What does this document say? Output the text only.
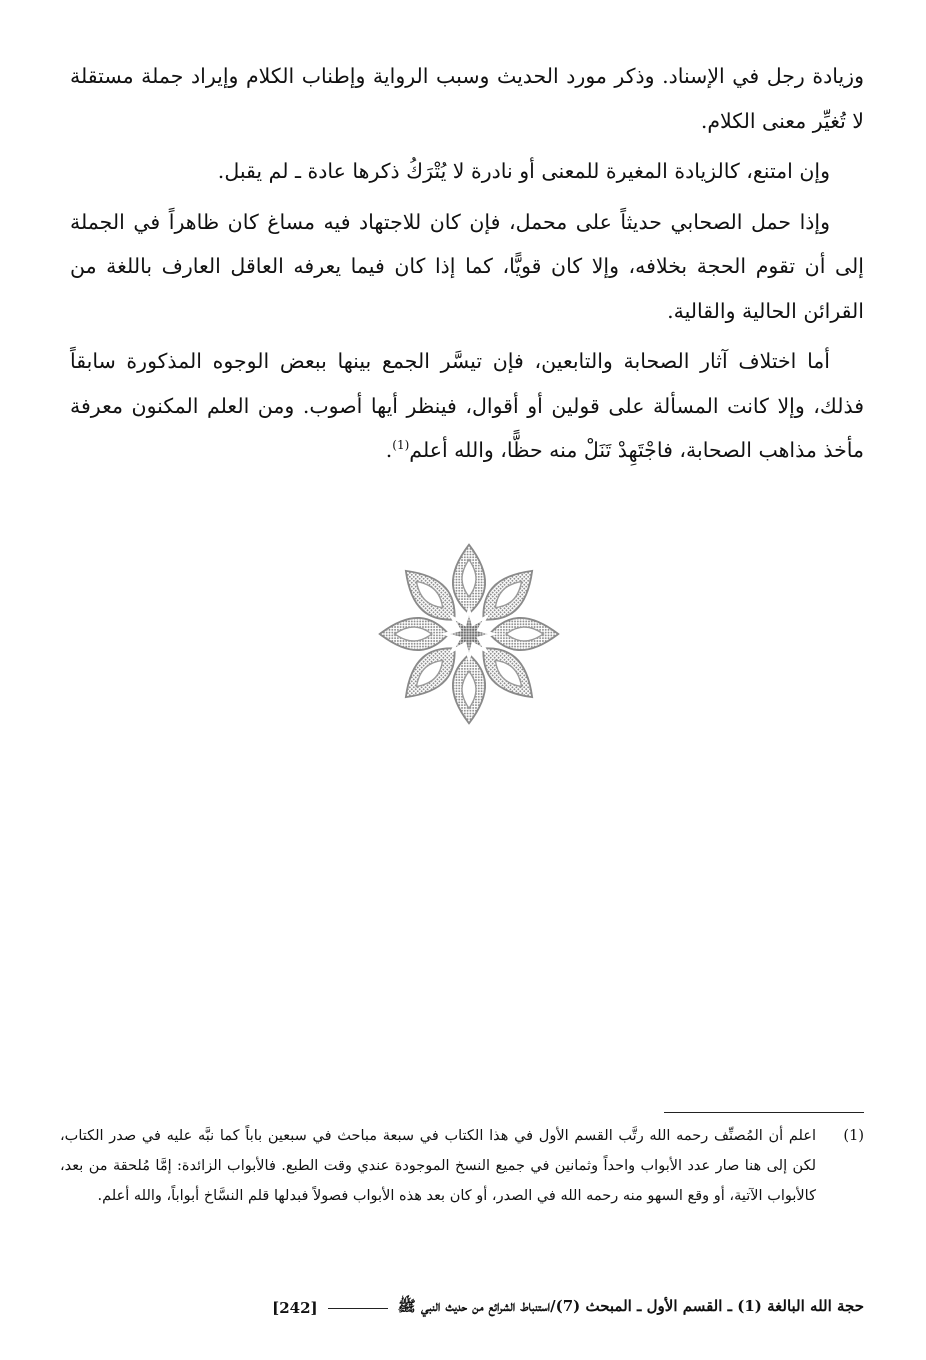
وزيادة رجل في الإسناد. وذكر مورد الحديث وسبب الرواية وإطناب الكلام وإيراد جملة مستقلة لا تُغيِّر معنى الكلام.

وإن امتنع، كالزيادة المغيرة للمعنى أو نادرة لا يُتْرَكُ ذكرها عادة ـ لم يقبل.

وإذا حمل الصحابي حديثاً على محمل، فإن كان للاجتهاد فيه مساغ كان ظاهراً في الجملة إلى أن تقوم الحجة بخلافه، وإلا كان قويًّا، كما إذا كان فيما يعرفه العاقل العارف باللغة من القرائن الحالية والقالية.

أما اختلاف آثار الصحابة والتابعين، فإن تيسَّر الجمع بينها ببعض الوجوه المذكورة سابقاً فذلك، وإلا كانت المسألة على قولين أو أقوال، فينظر أيها أصوب. ومن العلم المكنون معرفة مأخذ مذاهب الصحابة، فاجْتَهِدْ تَنَلْ منه حظًّا، والله أعلم$^{(1)}$.

(1)
اعلم أن المُصنِّف رحمه الله رتَّب القسم الأول في هذا الكتاب في سبعة مباحث في سبعين باباً كما نبَّه عليه في صدر الكتاب، لكن إلى هنا صار عدد الأبواب واحداً وثمانين في جميع النسخ الموجودة عندي وقت الطبع. فالأبواب الزائدة: إمَّا مُلحقة من بعد، كالأبواب الآتية، أو وقع السهو منه رحمه الله في الصدر، أو كان بعد هذه الأبواب فصولاً فبدلها قلم النسَّاخ أبواباً، والله أعلم.
حجة الله البالغة (1) ـ القسم الأول ـ المبحث (7)/استنباط الشرائع من حديث النبي ﷺ
[242]
